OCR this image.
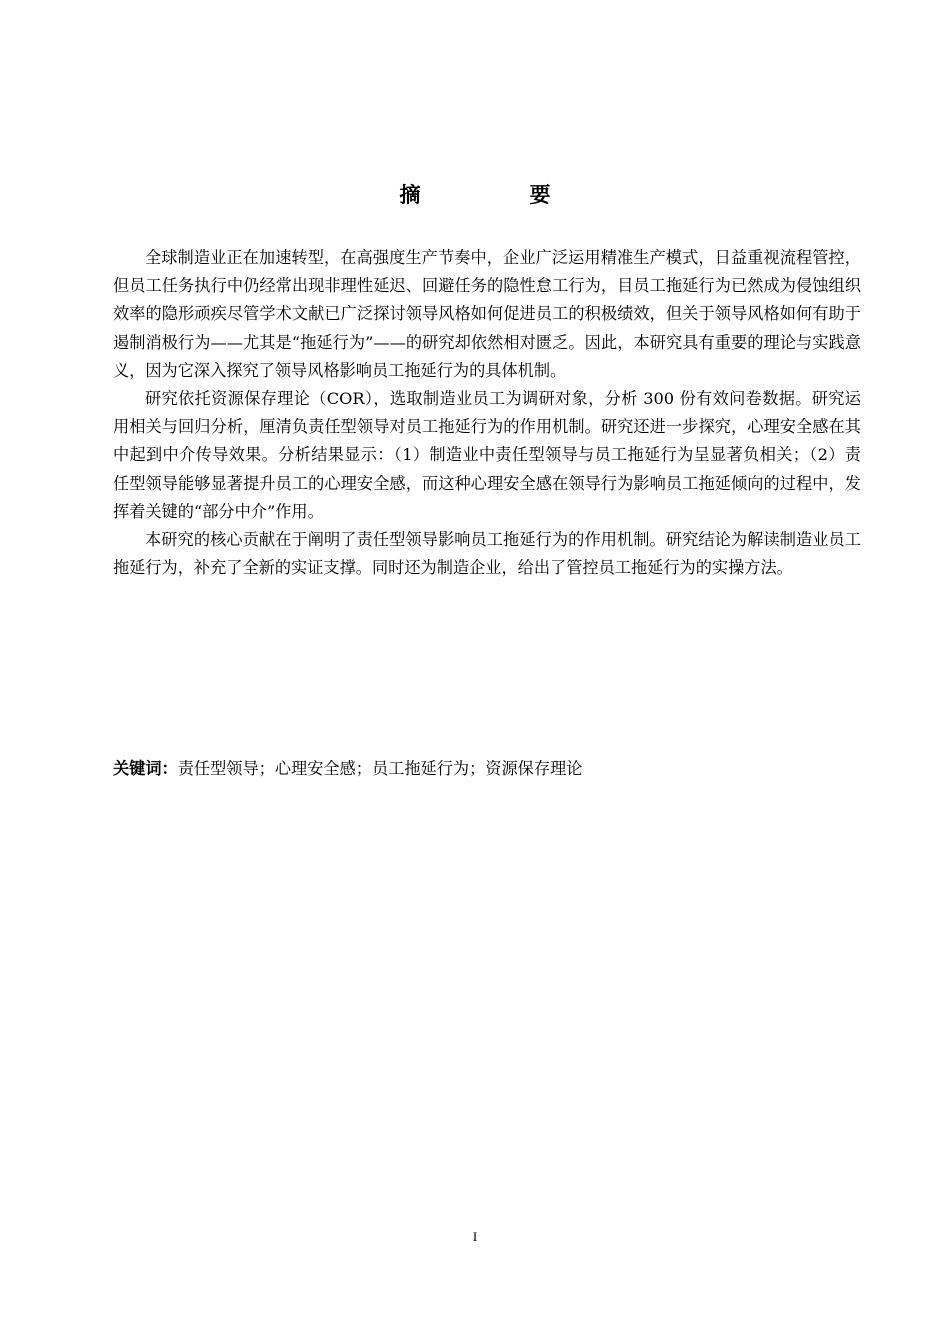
摘　要

全球制造业正在加速转型，在高强度生产节奏中，企业广泛运用精准生产模式，日益重视流程管控，但员工任务执行中仍经常出现非理性延迟、回避任务的隐性怠工行为，目员工拖延行为已然成为侵蚀组织效率的隐形顽疾尽管学术文献已广泛探讨领导风格如何促进员工的积极绩效，但关于领导风格如何有助于遏制消极行为——尤其是“拖延行为”——的研究却依然相对匮乏。因此，本研究具有重要的理论与实践意义，因为它深入探究了领导风格影响员工拖延行为的具体机制。

研究依托资源保存理论（COR），选取制造业员工为调研对象，分析 300 份有效问卷数据。研究运用相关与回归分析，厘清负责任型领导对员工拖延行为的作用机制。研究还进一步探究，心理安全感在其中起到中介传导效果。分析结果显示：（1）制造业中责任型领导与员工拖延行为呈显著负相关；（2）责任型领导能够显著提升员工的心理安全感，而这种心理安全感在领导行为影响员工拖延倾向的过程中，发挥着关键的“部分中介”作用。

本研究的核心贡献在于阐明了责任型领导影响员工拖延行为的作用机制。研究结论为解读制造业员工拖延行为，补充了全新的实证支撑。同时还为制造企业，给出了管控员工拖延行为的实操方法。

关键词：责任型领导；心理安全感；员工拖延行为；资源保存理论
I
